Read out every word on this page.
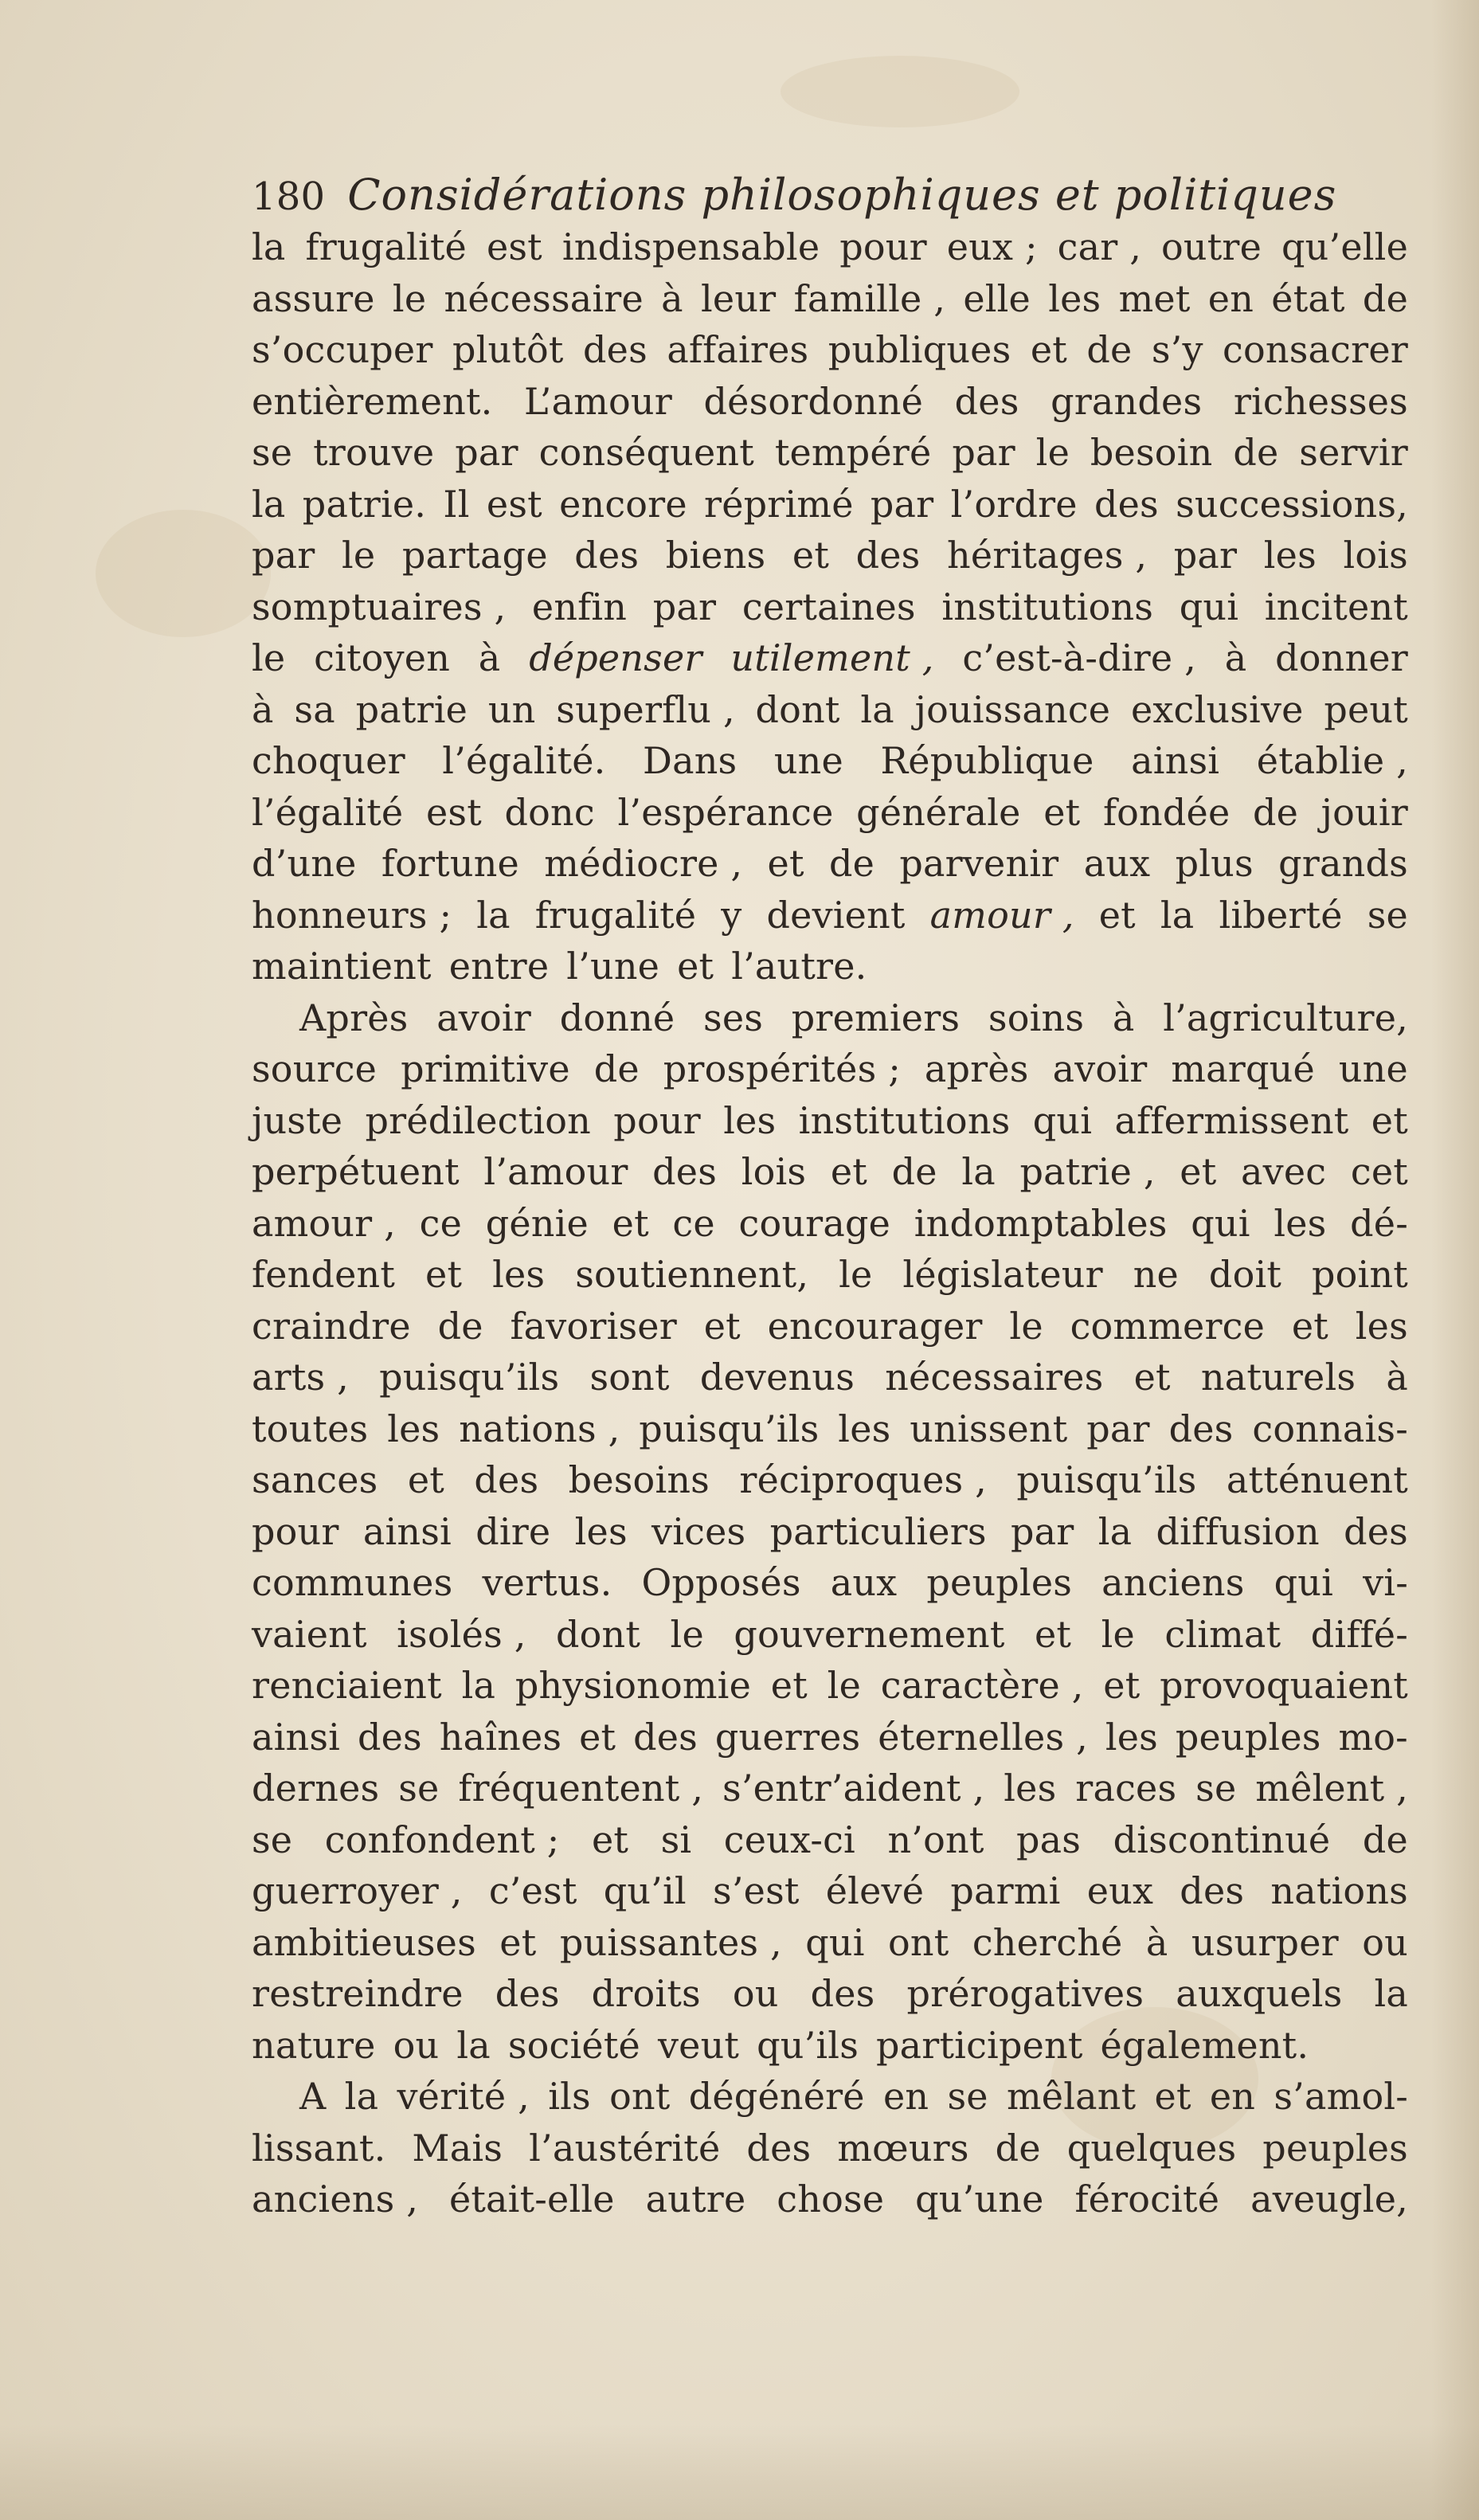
180 Considérations philosophiques et politiques
la frugalité est indispensable pour eux ; car , outre qu’elle
assure le nécessaire à leur famille , elle les met en état de
s’occuper plutôt des affaires publiques et de s’y consacrer
entièrement. L’amour désordonné des grandes richesses
se trouve par conséquent tempéré par le besoin de servir
la patrie. Il est encore réprimé par l’ordre des successions,
par le partage des biens et des héritages , par les lois
somptuaires , enfin par certaines institutions qui incitent
le citoyen à dépenser utilement , c’est-à-dire , à donner
à sa patrie un superflu , dont la jouissance exclusive peut
choquer l’égalité. Dans une République ainsi établie ,
l’égalité est donc l’espérance générale et fondée de jouir
d’une fortune médiocre , et de parvenir aux plus grands
honneurs ; la frugalité y devient amour , et la liberté se
maintient entre l’une et l’autre.
Après avoir donné ses premiers soins à l’agriculture,
source primitive de prospérités ; après avoir marqué une
juste prédilection pour les institutions qui affermissent et
perpétuent l’amour des lois et de la patrie , et avec cet
amour , ce génie et ce courage indomptables qui les dé-
fendent et les soutiennent, le législateur ne doit point
craindre de favoriser et encourager le commerce et les
arts , puisqu’ils sont devenus nécessaires et naturels à
toutes les nations , puisqu’ils les unissent par des connais-
sances et des besoins réciproques , puisqu’ils atténuent
pour ainsi dire les vices particuliers par la diffusion des
communes vertus. Opposés aux peuples anciens qui vi-
vaient isolés , dont le gouvernement et le climat diffé-
renciaient la physionomie et le caractère , et provoquaient
ainsi des haînes et des guerres éternelles , les peuples mo-
dernes se fréquentent , s’entr’aident , les races se mêlent ,
se confondent ; et si ceux-ci n’ont pas discontinué de
guerroyer , c’est qu’il s’est élevé parmi eux des nations
ambitieuses et puissantes , qui ont cherché à usurper ou
restreindre des droits ou des prérogatives auxquels la
nature ou la société veut qu’ils participent également.
A la vérité , ils ont dégénéré en se mêlant et en s’amol-
lissant. Mais l’austérité des mœurs de quelques peuples
anciens , était-elle autre chose qu’une férocité aveugle,
